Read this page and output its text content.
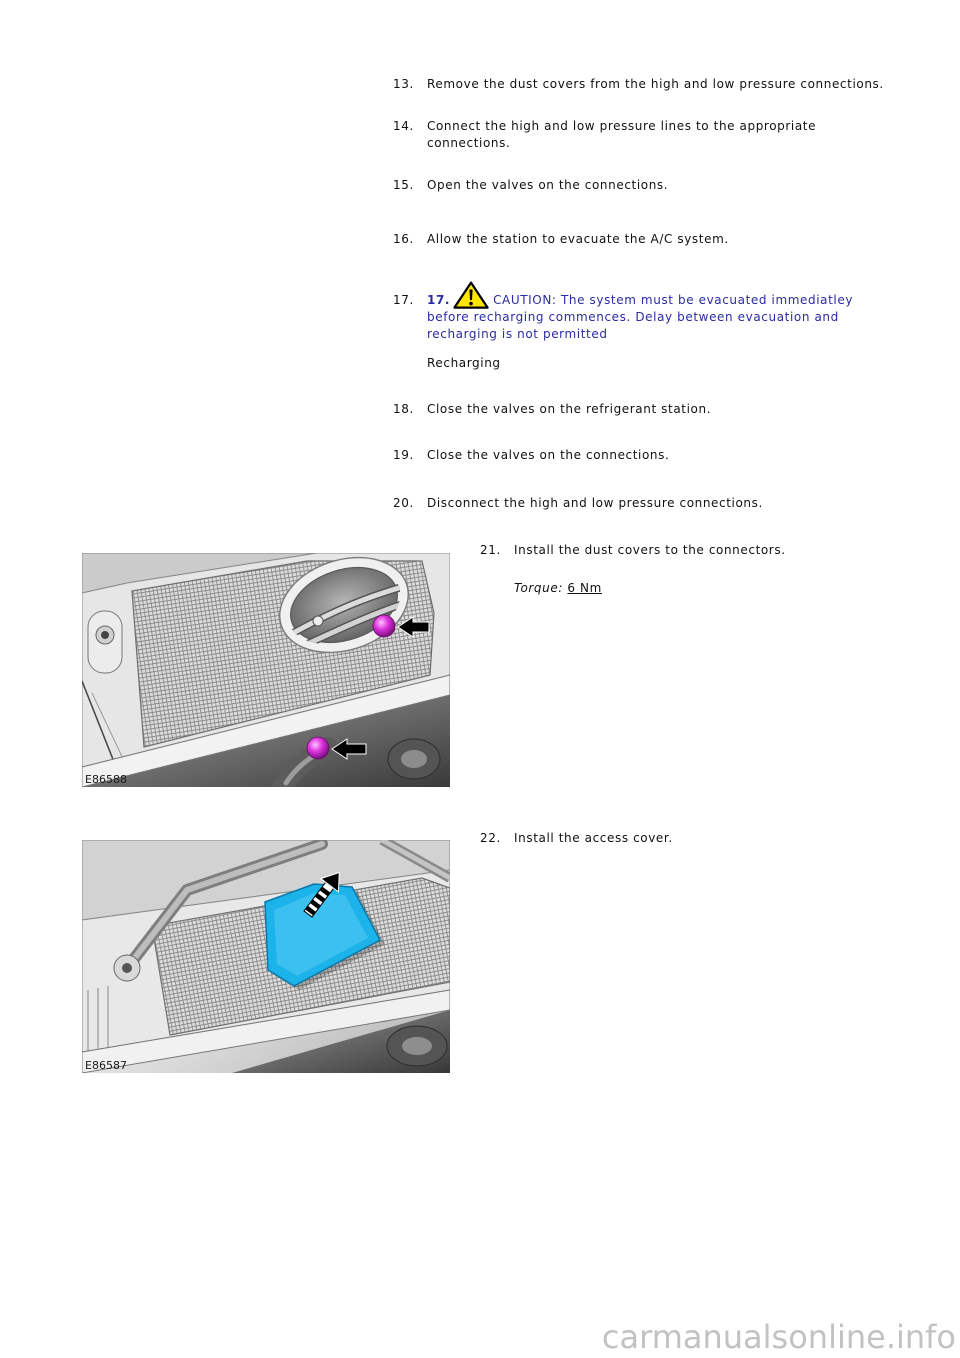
13. Remove the dust covers from the high and low pressure connections.
14. Connect the high and low pressure lines to the appropriate
connections.
15. Open the valves on the connections.
16. Allow the station to evacuate the A/C system.
17. 17.	CAUTION: The system must be evacuated immediatley
before recharging commences. Delay between evacuation and
recharging is not permitted
Recharging
18. Close the valves on the refrigerant station.
19. Close the valves on the connections.
20. Disconnect the high and low pressure connections.
21. Install the dust covers to the connectors.
Torque: 6 Nm
E86588
22. Install the access cover.
E86587
carmanualsonline.info
